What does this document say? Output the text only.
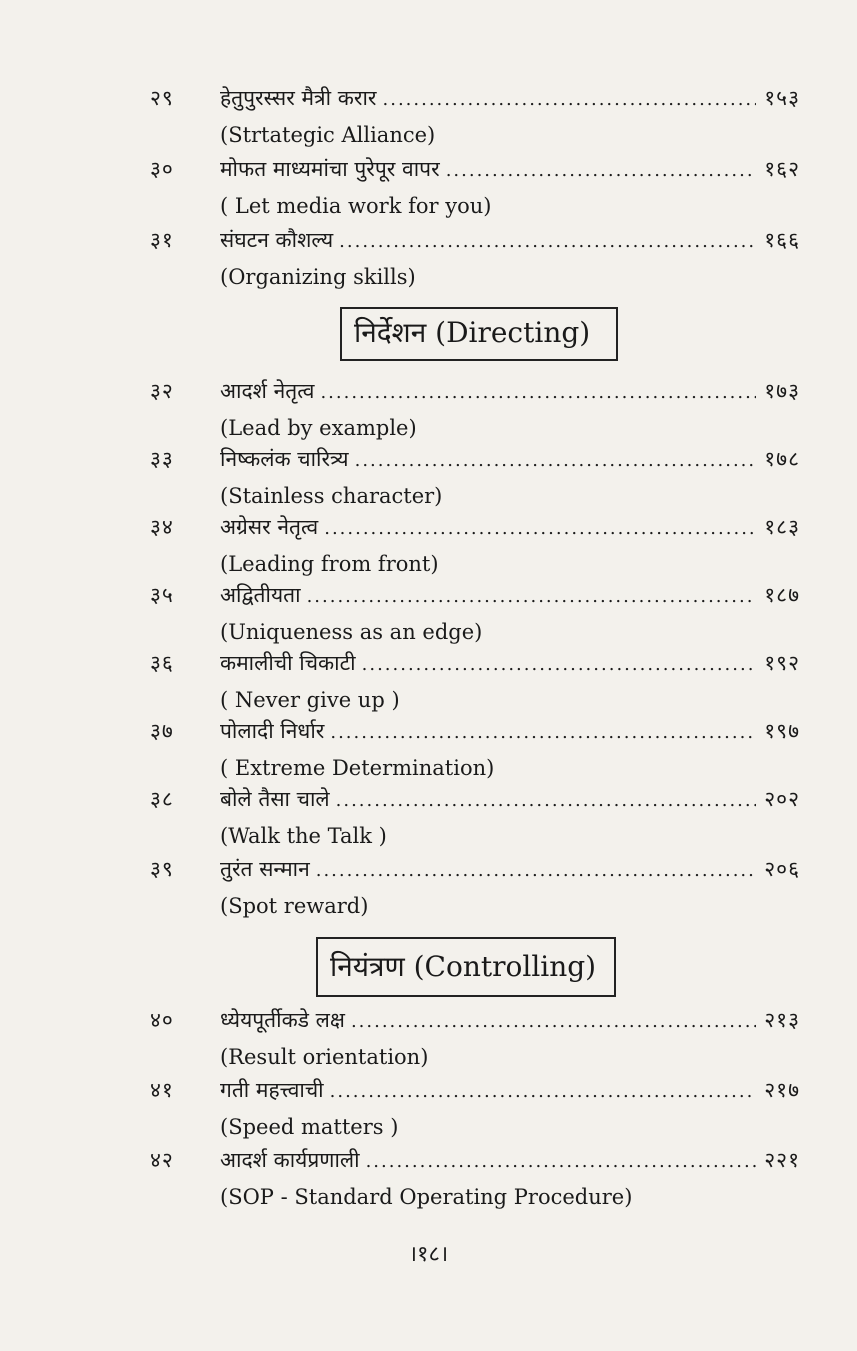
२९	हेतुपुरस्सर मैत्री करार .....	१५३
(Strtategic Alliance)
३०	मोफत माध्यमांचा पुरेपूर वापर .....	१६२
( Let media work for you)
३१	संघटन कौशल्य .....	१६६
(Organizing skills)
निर्देशन (Directing)
३२	आदर्श नेतृत्व .....	१७३
(Lead by example)
३३	निष्कलंक चारित्र्य .....	१७८
(Stainless character)
३४	अग्रेसर नेतृत्व .....	१८३
(Leading from front)
३५	अद्वितीयता .....	१८७
(Uniqueness as an edge)
३६	कमालीची चिकाटी .....	१९२
( Never give up )
३७	पोलादी निर्धार .....	१९७
( Extreme Determination)
३८	बोले तैसा चाले .....	२०२
(Walk the Talk )
३९	तुरंत सन्मान .....	२०६
(Spot reward)
नियंत्रण (Controlling)
४०	ध्येयपूर्तीकडे लक्ष .....	२१३
(Result orientation)
४१	गती महत्त्वाची .....	२१७
(Speed matters )
४२	आदर्श कार्यप्रणाली .....	२२१
(SOP - Standard Operating Procedure)
।१८।
